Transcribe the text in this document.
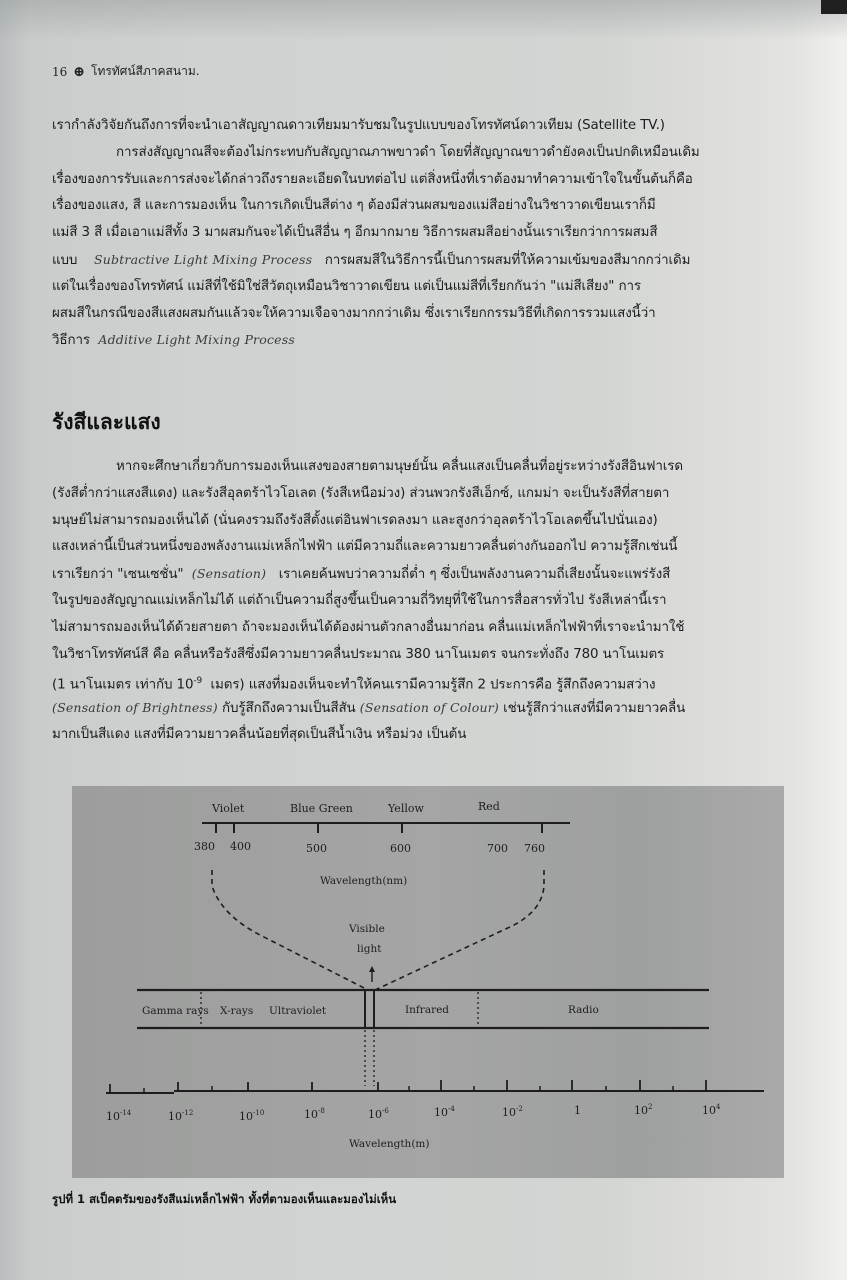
16 ⊕ โทรทัศน์สีภาคสนาม.
เรากำลังวิจัยกันถึงการที่จะนำเอาสัญญาณดาวเทียมมารับชมในรูปแบบของโทรทัศน์ดาวเทียม (Satellite TV.)
การส่งสัญญาณสีจะต้องไม่กระทบกับสัญญาณภาพขาวดำ โดยที่สัญญาณขาวดำยังคงเป็นปกติเหมือนเดิม
เรื่องของการรับและการส่งจะได้กล่าวถึงรายละเอียดในบทต่อไป แต่สิ่งหนึ่งที่เราต้องมาทำความเข้าใจในขั้นต้นก็คือ
เรื่องของแสง, สี และการมองเห็น ในการเกิดเป็นสีต่าง ๆ ต้องมีส่วนผสมของแม่สีอย่างในวิชาวาดเขียนเราก็มี
แม่สี 3 สี เมื่อเอาแม่สีทั้ง 3 มาผสมกันจะได้เป็นสีอื่น ๆ อีกมากมาย วิธีการผสมสีอย่างนั้นเราเรียกว่าการผสมสี
แบบ Subtractive Light Mixing Process การผสมสีในวิธีการนี้เป็นการผสมที่ให้ความเข้มของสีมากกว่าเดิม
แต่ในเรื่องของโทรทัศน์ แม่สีที่ใช้มิใช่สีวัตถุเหมือนวิชาวาดเขียน แต่เป็นแม่สีที่เรียกกันว่า "แม่สีเสียง" การ
ผสมสีในกรณีของสีแสงผสมกันแล้วจะให้ความเจือจางมากกว่าเดิม ซึ่งเราเรียกกรรมวิธีที่เกิดการรวมแสงนี้ว่า
วิธีการ Additive Light Mixing Process
รังสีและแสง
หากจะศึกษาเกี่ยวกับการมองเห็นแสงของสายตามนุษย์นั้น คลื่นแสงเป็นคลื่นที่อยู่ระหว่างรังสีอินฟาเรด
(รังสีต่ำกว่าแสงสีแดง) และรังสีอุลตร้าไวโอเลต (รังสีเหนือม่วง) ส่วนพวกรังสีเอ็กซ์, แกมม่า จะเป็นรังสีที่สายตา
มนุษย์ไม่สามารถมองเห็นได้ (นั่นคงรวมถึงรังสีตั้งแต่อินฟาเรดลงมา และสูงกว่าอุลตร้าไวโอเลตขึ้นไปนั่นเอง)
แสงเหล่านี้เป็นส่วนหนึ่งของพลังงานแม่เหล็กไฟฟ้า แต่มีความถี่และความยาวคลื่นต่างกันออกไป ความรู้สึกเช่นนี้
เราเรียกว่า "เซนเซชั่น" (Sensation) เราเคยค้นพบว่าความถี่ต่ำ ๆ ซึ่งเป็นพลังงานความถี่เสียงนั้นจะแพร่รังสี
ในรูปของสัญญาณแม่เหล็กไม่ได้ แต่ถ้าเป็นความถี่สูงขึ้นเป็นความถี่วิทยุที่ใช้ในการสื่อสารทั่วไป รังสีเหล่านี้เรา
ไม่สามารถมองเห็นได้ด้วยสายตา ถ้าจะมองเห็นได้ต้องผ่านตัวกลางอื่นมาก่อน คลื่นแม่เหล็กไฟฟ้าที่เราจะนำมาใช้
ในวิชาโทรทัศน์สี คือ คลื่นหรือรังสีซึ่งมีความยาวคลื่นประมาณ 380 นาโนเมตร จนกระทั่งถึง 780 นาโนเมตร
(1 นาโนเมตร เท่ากับ $10^{-9}$ เมตร) แสงที่มองเห็นจะทำให้คนเรามีความรู้สึก 2 ประการคือ รู้สึกถึงความสว่าง
(Sensation of Brightness) กับรู้สึกถึงความเป็นสีสัน (Sensation of Colour) เช่นรู้สึกว่าแสงที่มีความยาวคลื่น
มากเป็นสีแดง แสงที่มีความยาวคลื่นน้อยที่สุดเป็นสีน้ำเงิน หรือม่วง เป็นต้น
Violet	Blue Green	Yellow	Red
380 400	500	600	700 760
Wavelength(nm)
Visible
light
Gamma rays X-rays Ultraviolet	Infrared	Radio
$10^{-14}$	$10^{-12}$	$10^{-10}$	$10^{-8}$	$10^{-6}$	$10^{-4}$	$10^{-2}$	1	$10^2$	$10^4$
Wavelength(m)
รูปที่ 1 สเป็คตรัมของรังสีแม่เหล็กไฟฟ้า ทั้งที่ตามองเห็นและมองไม่เห็น
